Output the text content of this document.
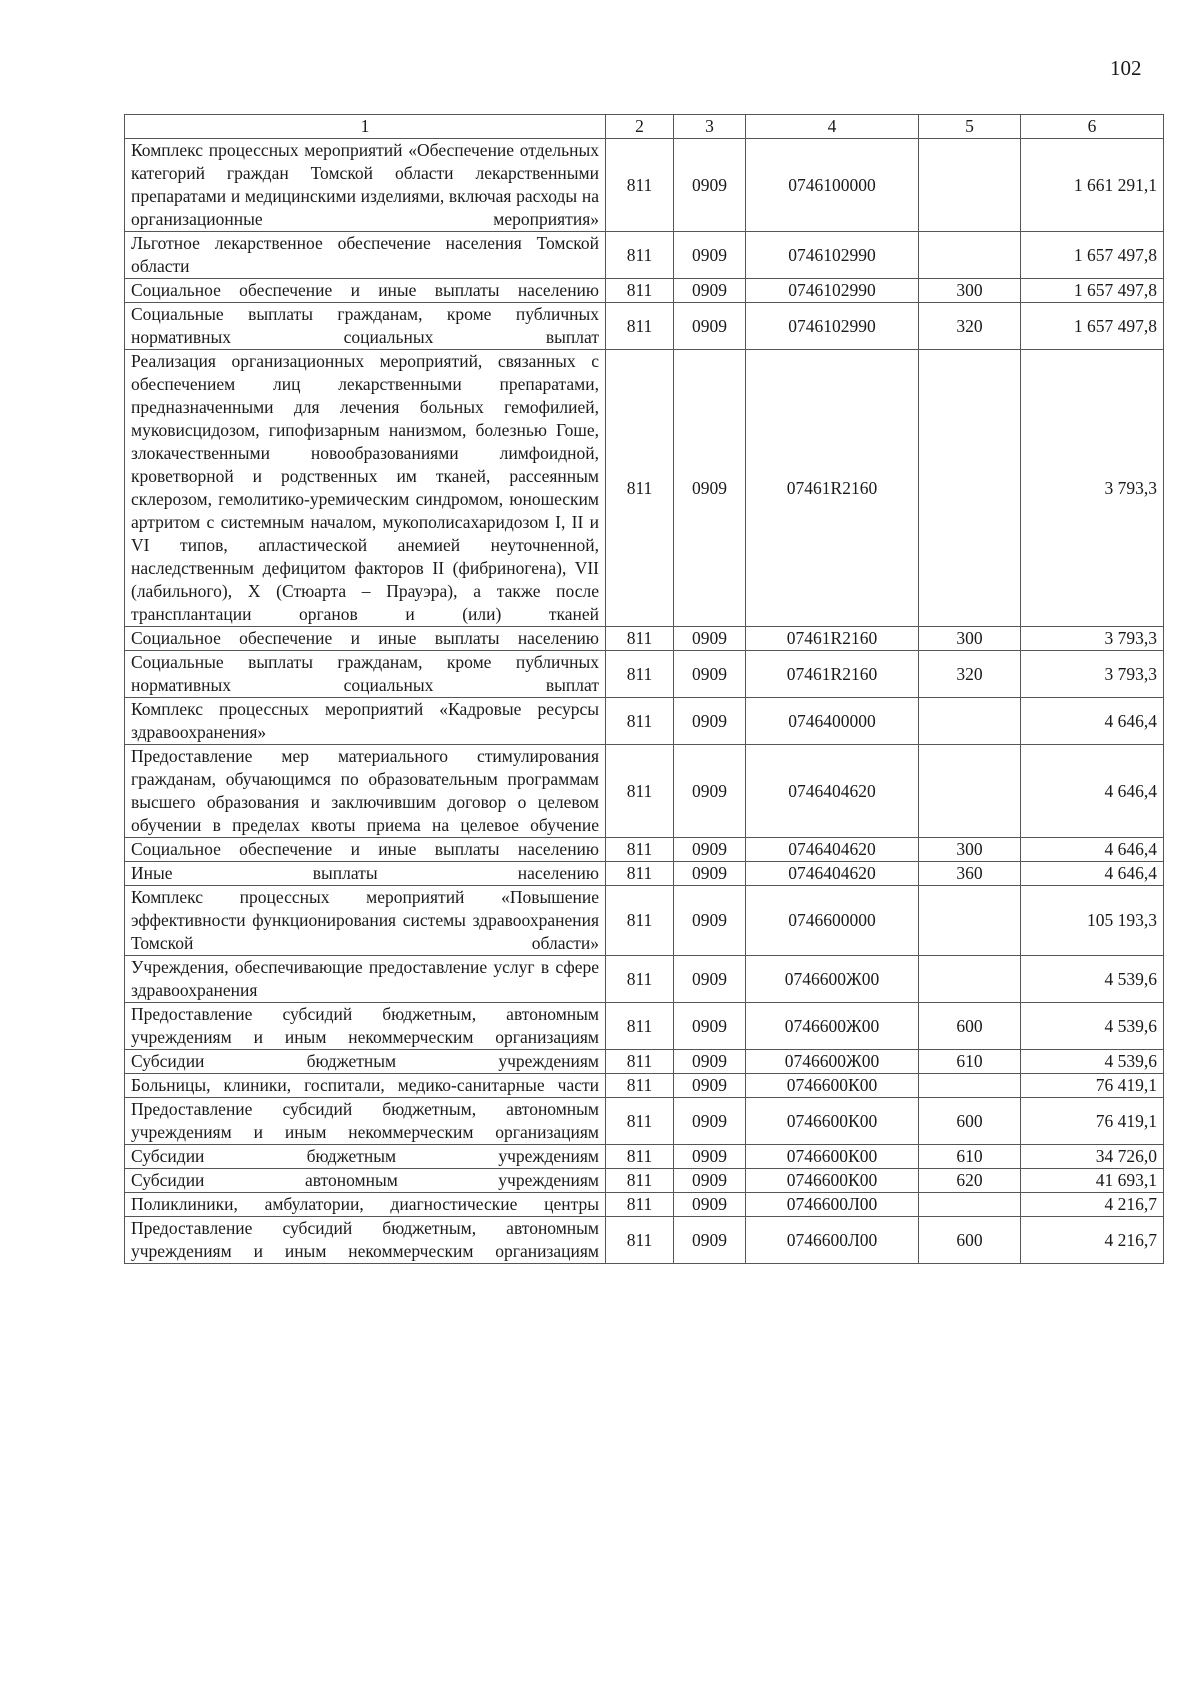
102
1	2	3	4	5	6
Комплекс процессных мероприятий «Обеспечение отдельных категорий граждан Томской области лекарственными препаратами и медицинскими изделиями, включая расходы на организационные мероприятия»	811	0909	0746100000		1 661 291,1
Льготное лекарственное обеспечение населения Томской области	811	0909	0746102990		1 657 497,8
Социальное обеспечение и иные выплаты населению	811	0909	0746102990	300	1 657 497,8
Социальные выплаты гражданам, кроме публичных нормативных социальных выплат	811	0909	0746102990	320	1 657 497,8
Реализация организационных мероприятий, связанных с обеспечением лиц лекарственными препаратами, предназначенными для лечения больных гемофилией, муковисцидозом, гипофизарным нанизмом, болезнью Гоше, злокачественными новообразованиями лимфоидной, кроветворной и родственных им тканей, рассеянным склерозом, гемолитико-уремическим синдромом, юношеским артритом с системным началом, мукополисахаридозом I, II и VI типов, апластической анемией неуточненной, наследственным дефицитом факторов II (фибриногена), VII (лабильного), X (Стюарта – Прауэра), а также после трансплантации органов и (или) тканей	811	0909	07461R2160		3 793,3
Социальное обеспечение и иные выплаты населению	811	0909	07461R2160	300	3 793,3
Социальные выплаты гражданам, кроме публичных нормативных социальных выплат	811	0909	07461R2160	320	3 793,3
Комплекс процессных мероприятий «Кадровые ресурсы здравоохранения»	811	0909	0746400000		4 646,4
Предоставление мер материального стимулирования гражданам, обучающимся по образовательным программам высшего образования и заключившим договор о целевом обучении в пределах квоты приема на целевое обучение	811	0909	0746404620		4 646,4
Социальное обеспечение и иные выплаты населению	811	0909	0746404620	300	4 646,4
Иные выплаты населению	811	0909	0746404620	360	4 646,4
Комплекс процессных мероприятий «Повышение эффективности функционирования системы здравоохранения Томской области»	811	0909	0746600000		105 193,3
Учреждения, обеспечивающие предоставление услуг в сфере здравоохранения	811	0909	0746600Ж00		4 539,6
Предоставление субсидий бюджетным, автономным учреждениям и иным некоммерческим организациям	811	0909	0746600Ж00	600	4 539,6
Субсидии бюджетным учреждениям	811	0909	0746600Ж00	610	4 539,6
Больницы, клиники, госпитали, медико-санитарные части	811	0909	0746600К00		76 419,1
Предоставление субсидий бюджетным, автономным учреждениям и иным некоммерческим организациям	811	0909	0746600К00	600	76 419,1
Субсидии бюджетным учреждениям	811	0909	0746600К00	610	34 726,0
Субсидии автономным учреждениям	811	0909	0746600К00	620	41 693,1
Поликлиники, амбулатории, диагностические центры	811	0909	0746600Л00		4 216,7
Предоставление субсидий бюджетным, автономным учреждениям и иным некоммерческим организациям	811	0909	0746600Л00	600	4 216,7
